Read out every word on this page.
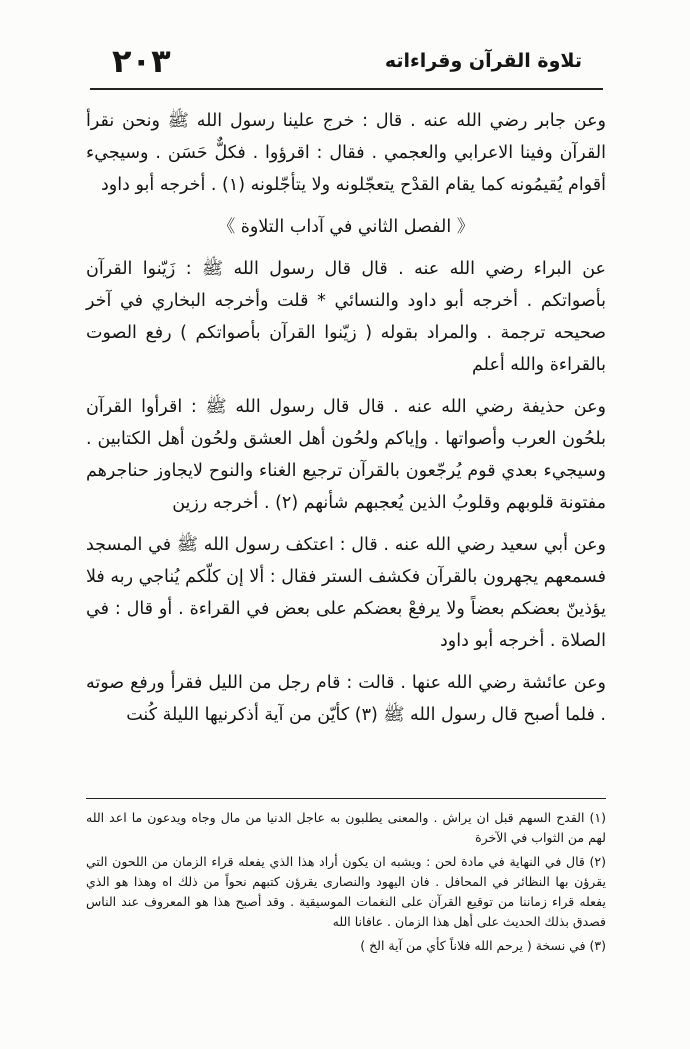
تلاوة القرآن وقراءاته
٢٠٣

وعن جابر رضي الله عنه . قال : خرج علينا رسول الله ﷺ ونحن نقرأ القرآن وفينا الاعرابي والعجمي . فقال : اقرؤوا . فكلٌّ حَسَن . وسيجيء أقوام يُقيمُونه كما يقام القدْح يتعجّلونه ولا يتأجّلونه (١) . أخرجه أبو داود

《 الفصل الثاني في آداب التلاوة 》

عن البراء رضي الله عنه . قال قال رسول الله ﷺ : زَيّنوا القرآن بأصواتكم . أخرجه أبو داود والنسائي * قلت وأخرجه البخاري في آخر صحيحه ترجمة . والمراد بقوله ( زيّنوا القرآن بأصواتكم ) رفع الصوت بالقراءة والله أعلم

وعن حذيفة رضي الله عنه . قال قال رسول الله ﷺ : اقرأوا القرآن بلحُون العرب وأصواتها . وإياكم ولحُون أهل العشق ولحُون أهل الكتابين . وسيجيء بعدي قوم يُرجّعون بالقرآن ترجيع الغناء والنوح لايجاوز حناجرهم مفتونة قلوبهم وقلوبُ الذين يُعجبهم شأنهم (٢) . أخرجه رزين

وعن أبي سعيد رضي الله عنه . قال : اعتكف رسول الله ﷺ في المسجد فسمعهم يجهرون بالقرآن فكشف الستر فقال : ألا إن كلّكم يُناجي ربه فلا يؤذينّ بعضكم بعضاً ولا يرفعْ بعضكم على بعض في القراءة . أو قال : في الصلاة . أخرجه أبو داود

وعن عائشة رضي الله عنها . قالت : قام رجل من الليل فقرأ ورفع صوته . فلما أصبح قال رسول الله ﷺ (٣) كأيّن من آية أذكرنيها الليلة كُنت

(١) القدح السهم قبل ان يراش . والمعنى يطلبون به عاجل الدنيا من مال وجاه ويدعون ما اعد الله لهم من الثواب في الآخرة

(٢) قال في النهاية في مادة لحن : ويشبه ان يكون أراد هذا الذي يفعله قراء الزمان من اللحون التي يقرؤن بها النظائر في المحافل . فان اليهود والنصارى يقرؤن كتبهم نحواً من ذلك اه وهذا هو الذي يفعله قراء زماننا من توقيع القرآن على النغمات الموسيقية . وقد أصبح هذا هو المعروف عند الناس فصدق بذلك الحديث على أهل هذا الزمان . عافانا الله

(٣) في نسخة ( يرحم الله فلاناً كأي من آية الخ )
